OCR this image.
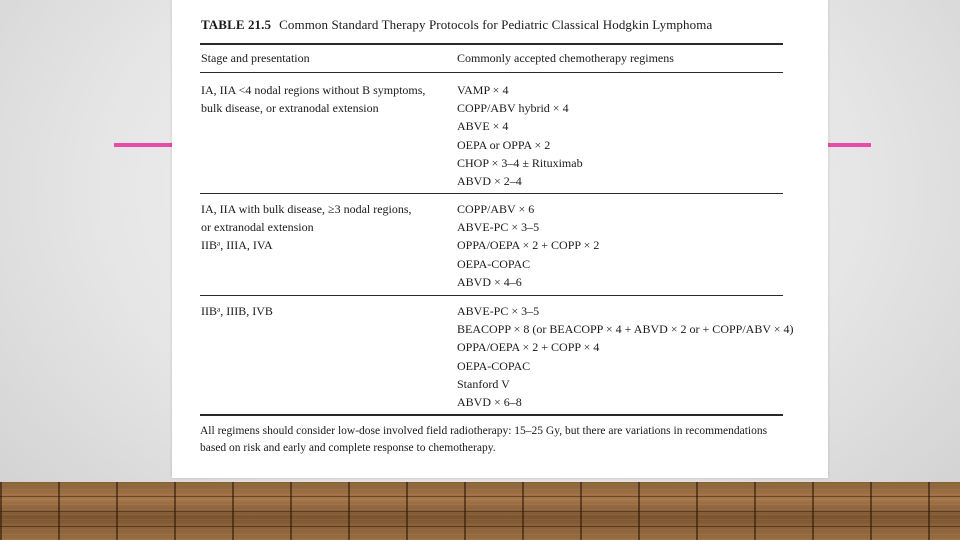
TABLE 21.5 Common Standard Therapy Protocols for Pediatric Classical Hodgkin Lymphoma
Stage and presentation	Commonly accepted chemotherapy regimens
IA, IIA <4 nodal regions without B symptoms,
bulk disease, or extranodal extension
VAMP × 4
COPP/ABV hybrid × 4
ABVE × 4
OEPA or OPPA × 2
CHOP × 3–4 ± Rituximab
ABVD × 2–4
IA, IIA with bulk disease, ≥3 nodal regions,
or extranodal extension
IIBᵃ, IIIA, IVA
COPP/ABV × 6
ABVE-PC × 3–5
OPPA/OEPA × 2 + COPP × 2
OEPA-COPAC
ABVD × 4–6
IIBᵃ, IIIB, IVB	ABVE-PC × 3–5
BEACOPP × 8 (or BEACOPP × 4 + ABVD × 2 or + COPP/ABV × 4)
OPPA/OEPA × 2 + COPP × 4
OEPA-COPAC
Stanford V
ABVD × 6–8
All regimens should consider low-dose involved field radiotherapy: 15–25 Gy, but there are variations in recommendations based on risk and early and complete response to chemotherapy.
